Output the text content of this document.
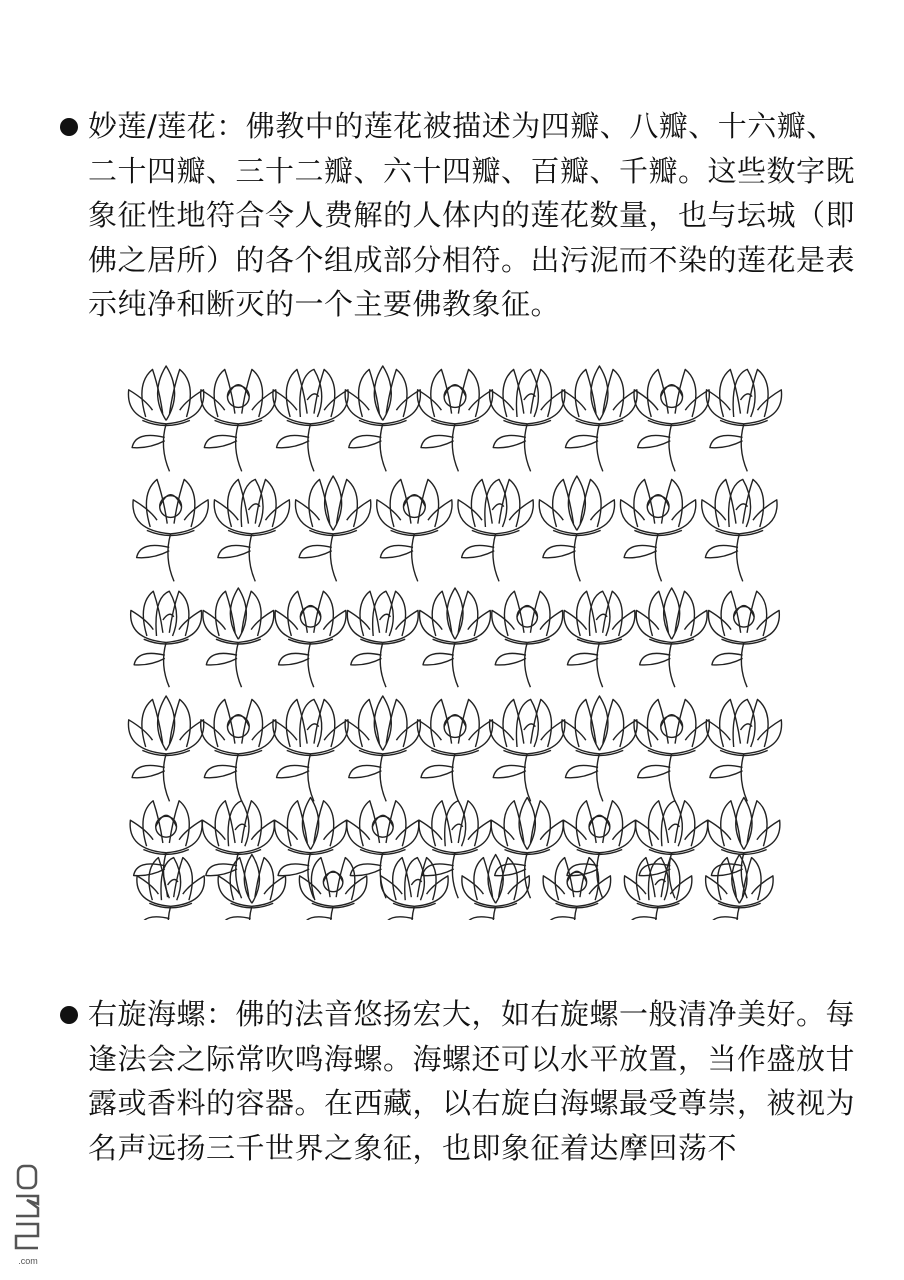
妙莲/莲花：佛教中的莲花被描述为四瓣、八瓣、十六瓣、二十四瓣、三十二瓣、六十四瓣、百瓣、千瓣。这些数字既象征性地符合令人费解的人体内的莲花数量，也与坛城（即佛之居所）的各个组成部分相符。出污泥而不染的莲花是表示纯净和断灭的一个主要佛教象征。
右旋海螺：佛的法音悠扬宏大，如右旋螺一般清净美好。每逢法会之际常吹鸣海螺。海螺还可以水平放置，当作盛放甘露或香料的容器。在西藏，以右旋白海螺最受尊崇，被视为名声远扬三千世界之象征，也即象征着达摩回荡不
.com
